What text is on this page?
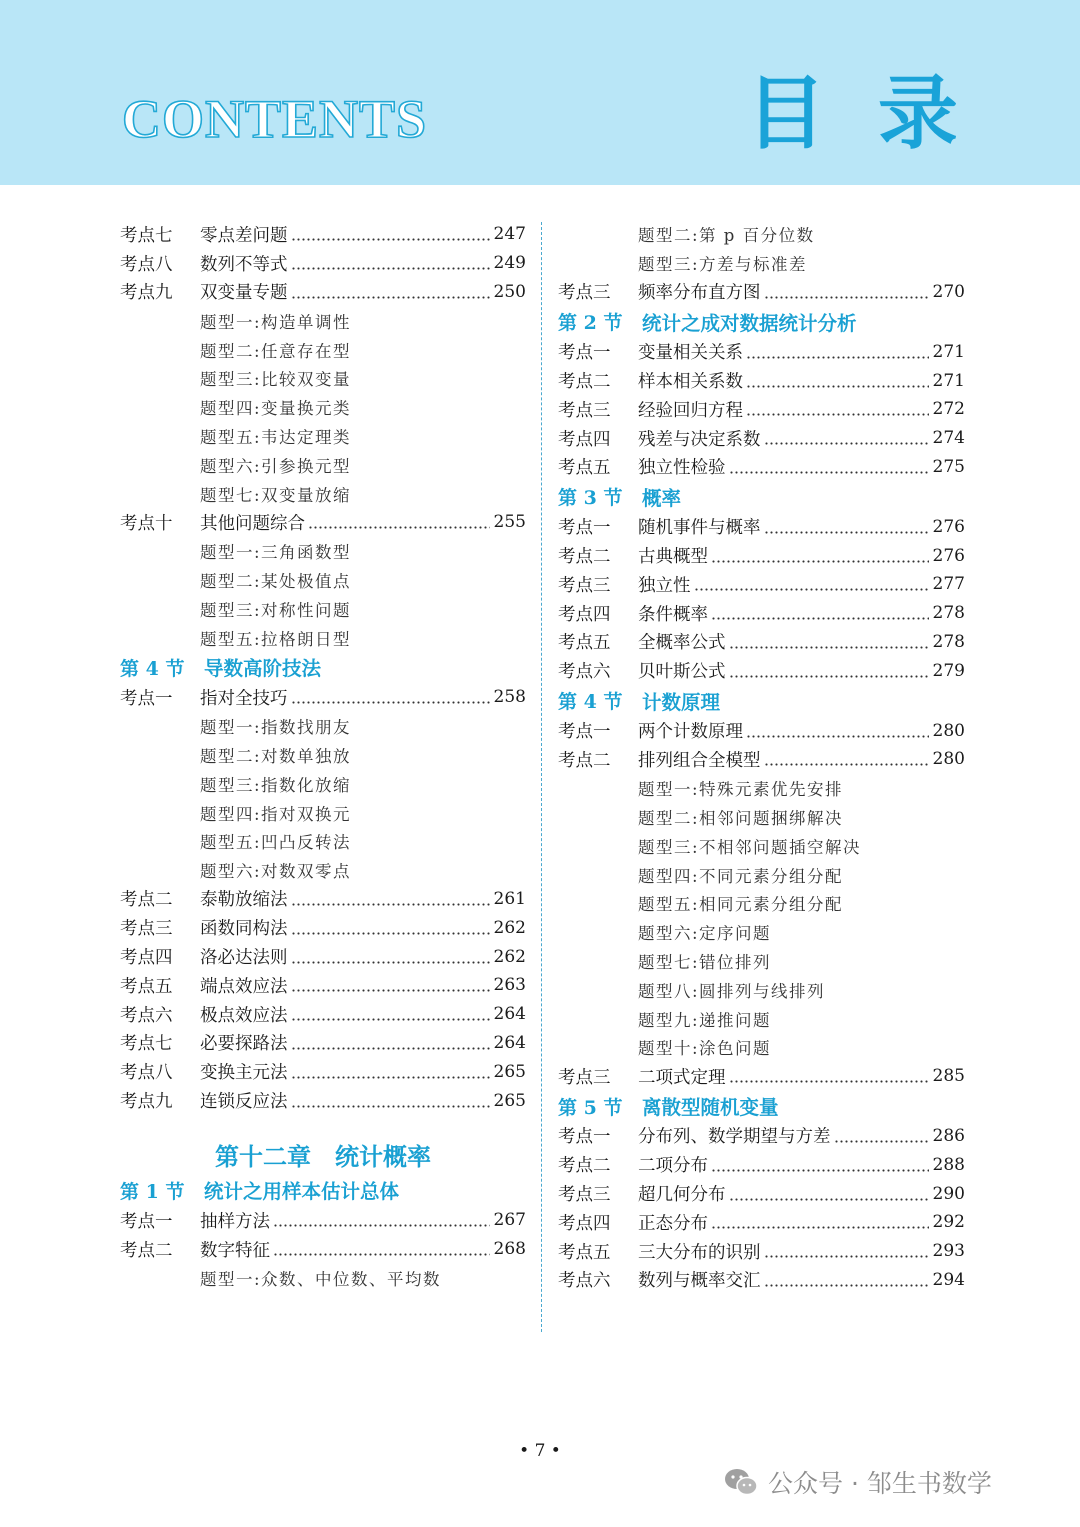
CONTENTS	目 录
考点七	零点差问题	247
考点八	数列不等式	249
考点九	双变量专题	250
题型一:构造单调性
题型二:任意存在型
题型三:比较双变量
题型四:变量换元类
题型五:韦达定理类
题型六:引参换元型
题型七:双变量放缩
考点十	其他问题综合	255
题型一:三角函数型
题型二:某处极值点
题型三:对称性问题
题型五:拉格朗日型
第 4 节	导数高阶技法
考点一	指对全技巧	258
题型一:指数找朋友
题型二:对数单独放
题型三:指数化放缩
题型四:指对双换元
题型五:凹凸反转法
题型六:对数双零点
考点二	泰勒放缩法	261
考点三	函数同构法	262
考点四	洛必达法则	262
考点五	端点效应法	263
考点六	极点效应法	264
考点七	必要探路法	264
考点八	变换主元法	265
考点九	连锁反应法	265
第十二章　统计概率
第 1 节	统计之用样本估计总体
考点一	抽样方法	267
考点二	数字特征	268
题型一:众数、中位数、平均数
题型二:第 p 百分位数
题型三:方差与标准差
考点三	频率分布直方图	270
第 2 节	统计之成对数据统计分析
考点一	变量相关关系	271
考点二	样本相关系数	271
考点三	经验回归方程	272
考点四	残差与决定系数	274
考点五	独立性检验	275
第 3 节	概率
考点一	随机事件与概率	276
考点二	古典概型	276
考点三	独立性	277
考点四	条件概率	278
考点五	全概率公式	278
考点六	贝叶斯公式	279
第 4 节	计数原理
考点一	两个计数原理	280
考点二	排列组合全模型	280
题型一:特殊元素优先安排
题型二:相邻问题捆绑解决
题型三:不相邻问题插空解决
题型四:不同元素分组分配
题型五:相同元素分组分配
题型六:定序问题
题型七:错位排列
题型八:圆排列与线排列
题型九:递推问题
题型十:涂色问题
考点三	二项式定理	285
第 5 节	离散型随机变量
考点一	分布列、数学期望与方差	286
考点二	二项分布	288
考点三	超几何分布	290
考点四	正态分布	292
考点五	三大分布的识别	293
考点六	数列与概率交汇	294
• 7 •
公众号 · 邹生书数学
